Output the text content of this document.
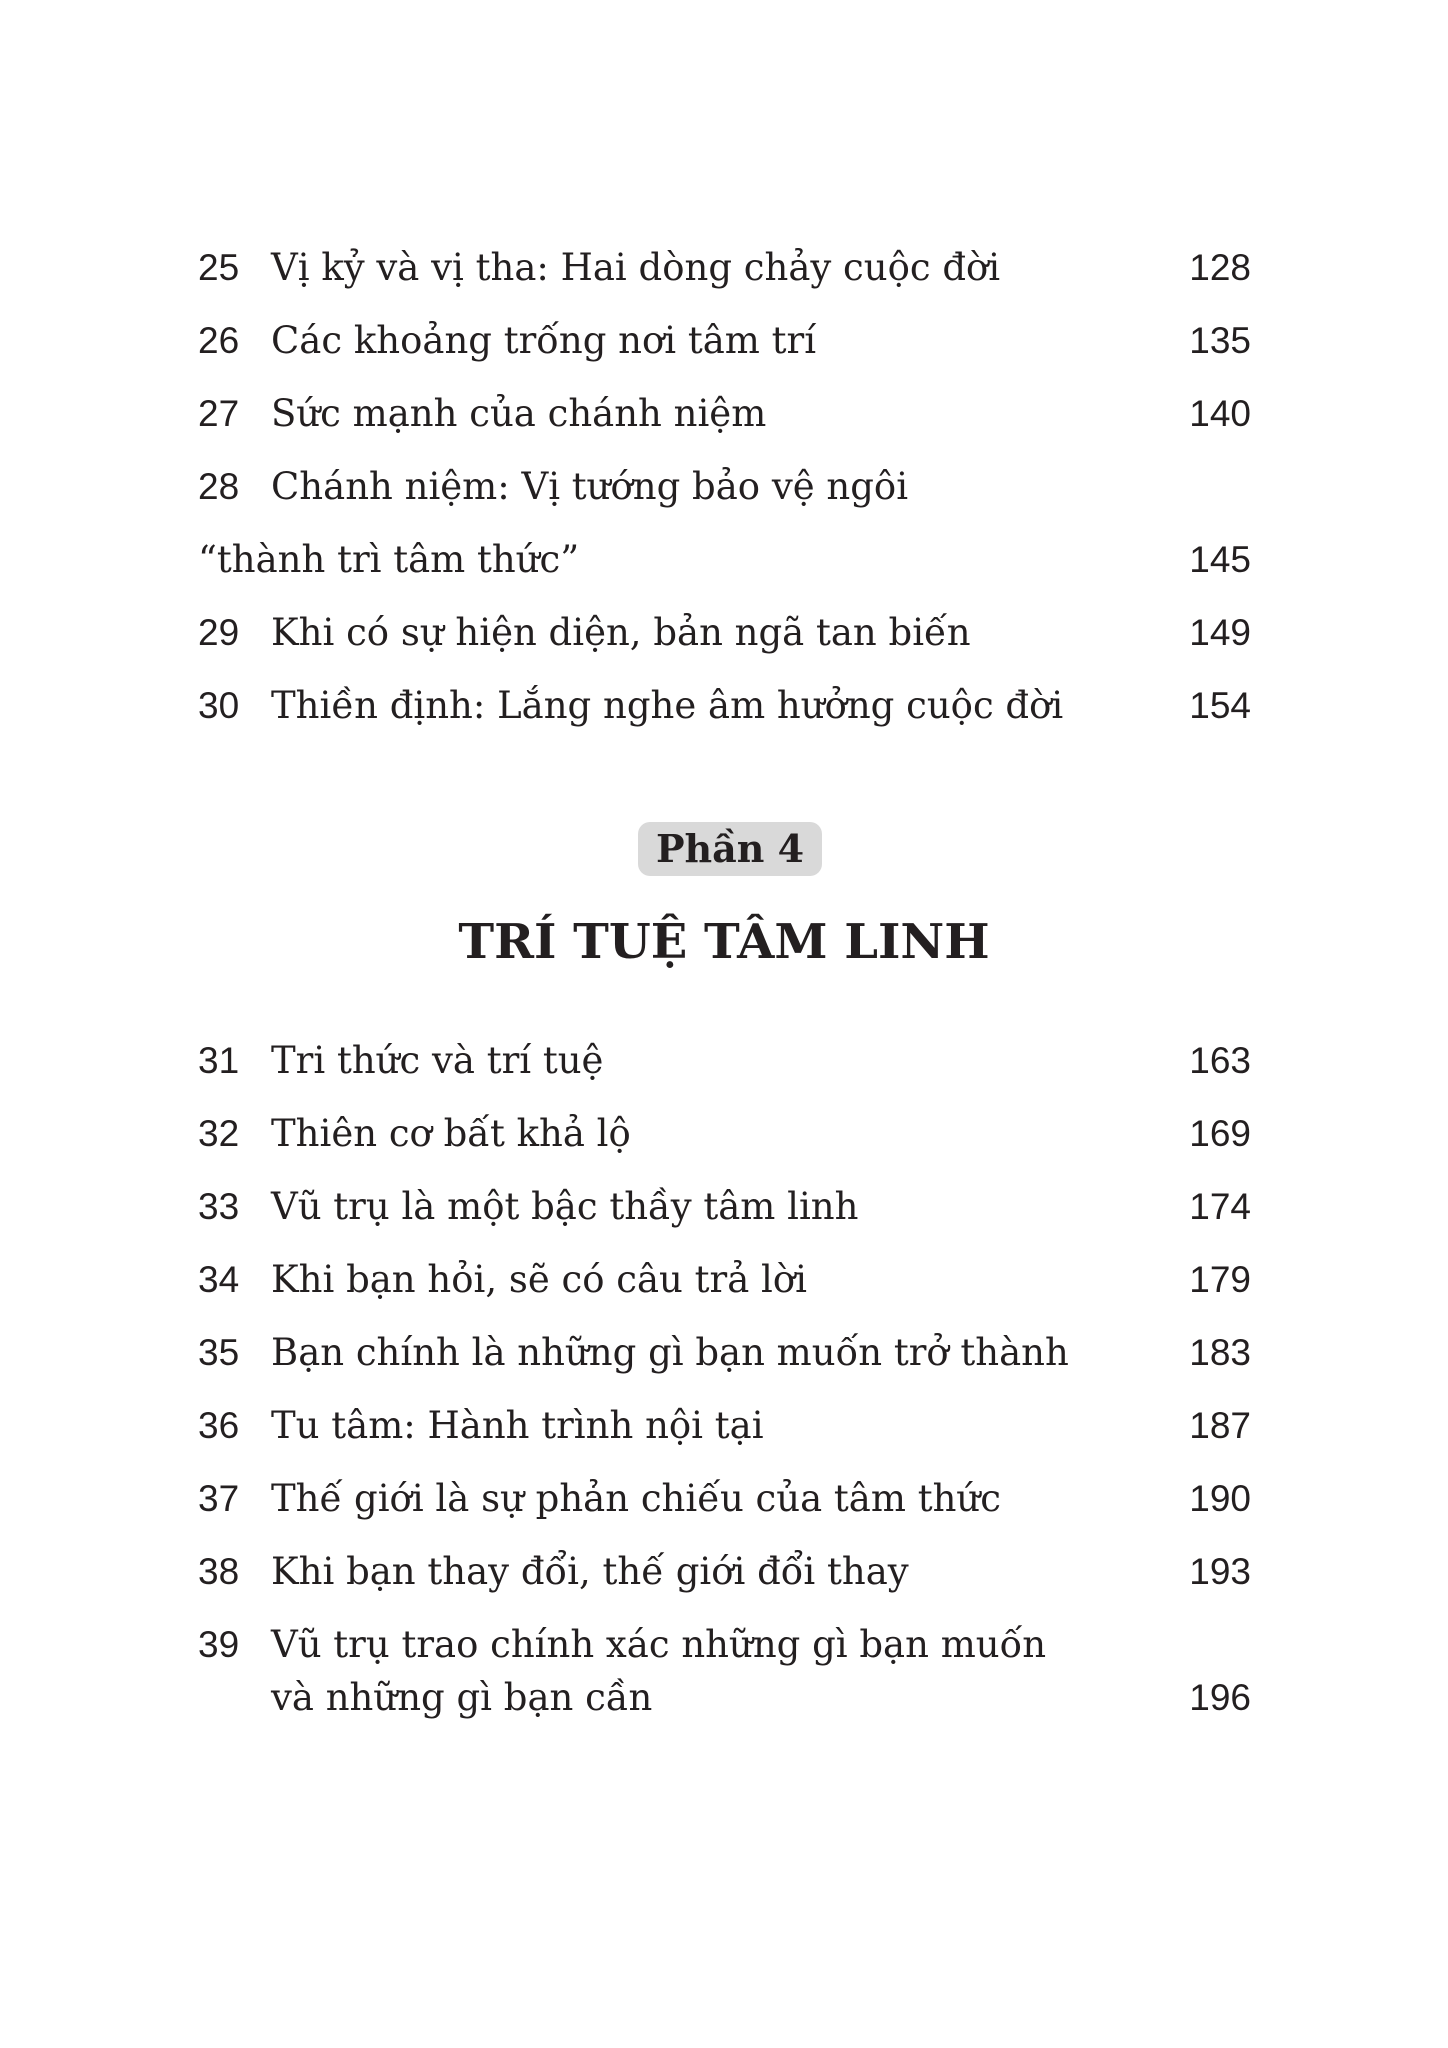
25 Vị kỷ và vị tha: Hai dòng chảy cuộc đời	128
26 Các khoảng trống nơi tâm trí	135
27 Sức mạnh của chánh niệm	140
28 Chánh niệm: Vị tướng bảo vệ ngôi
“thành trì tâm thức”	145
29 Khi có sự hiện diện, bản ngã tan biến	149
30 Thiền định: Lắng nghe âm hưởng cuộc đời	154
Phần 4
TRÍ TUỆ TÂM LINH
31 Tri thức và trí tuệ	163
32 Thiên cơ bất khả lộ	169
33 Vũ trụ là một bậc thầy tâm linh	174
34 Khi bạn hỏi, sẽ có câu trả lời	179
35 Bạn chính là những gì bạn muốn trở thành	183
36 Tu tâm: Hành trình nội tại	187
37 Thế giới là sự phản chiếu của tâm thức	190
38 Khi bạn thay đổi, thế giới đổi thay	193
39 Vũ trụ trao chính xác những gì bạn muốn
và những gì bạn cần	196
